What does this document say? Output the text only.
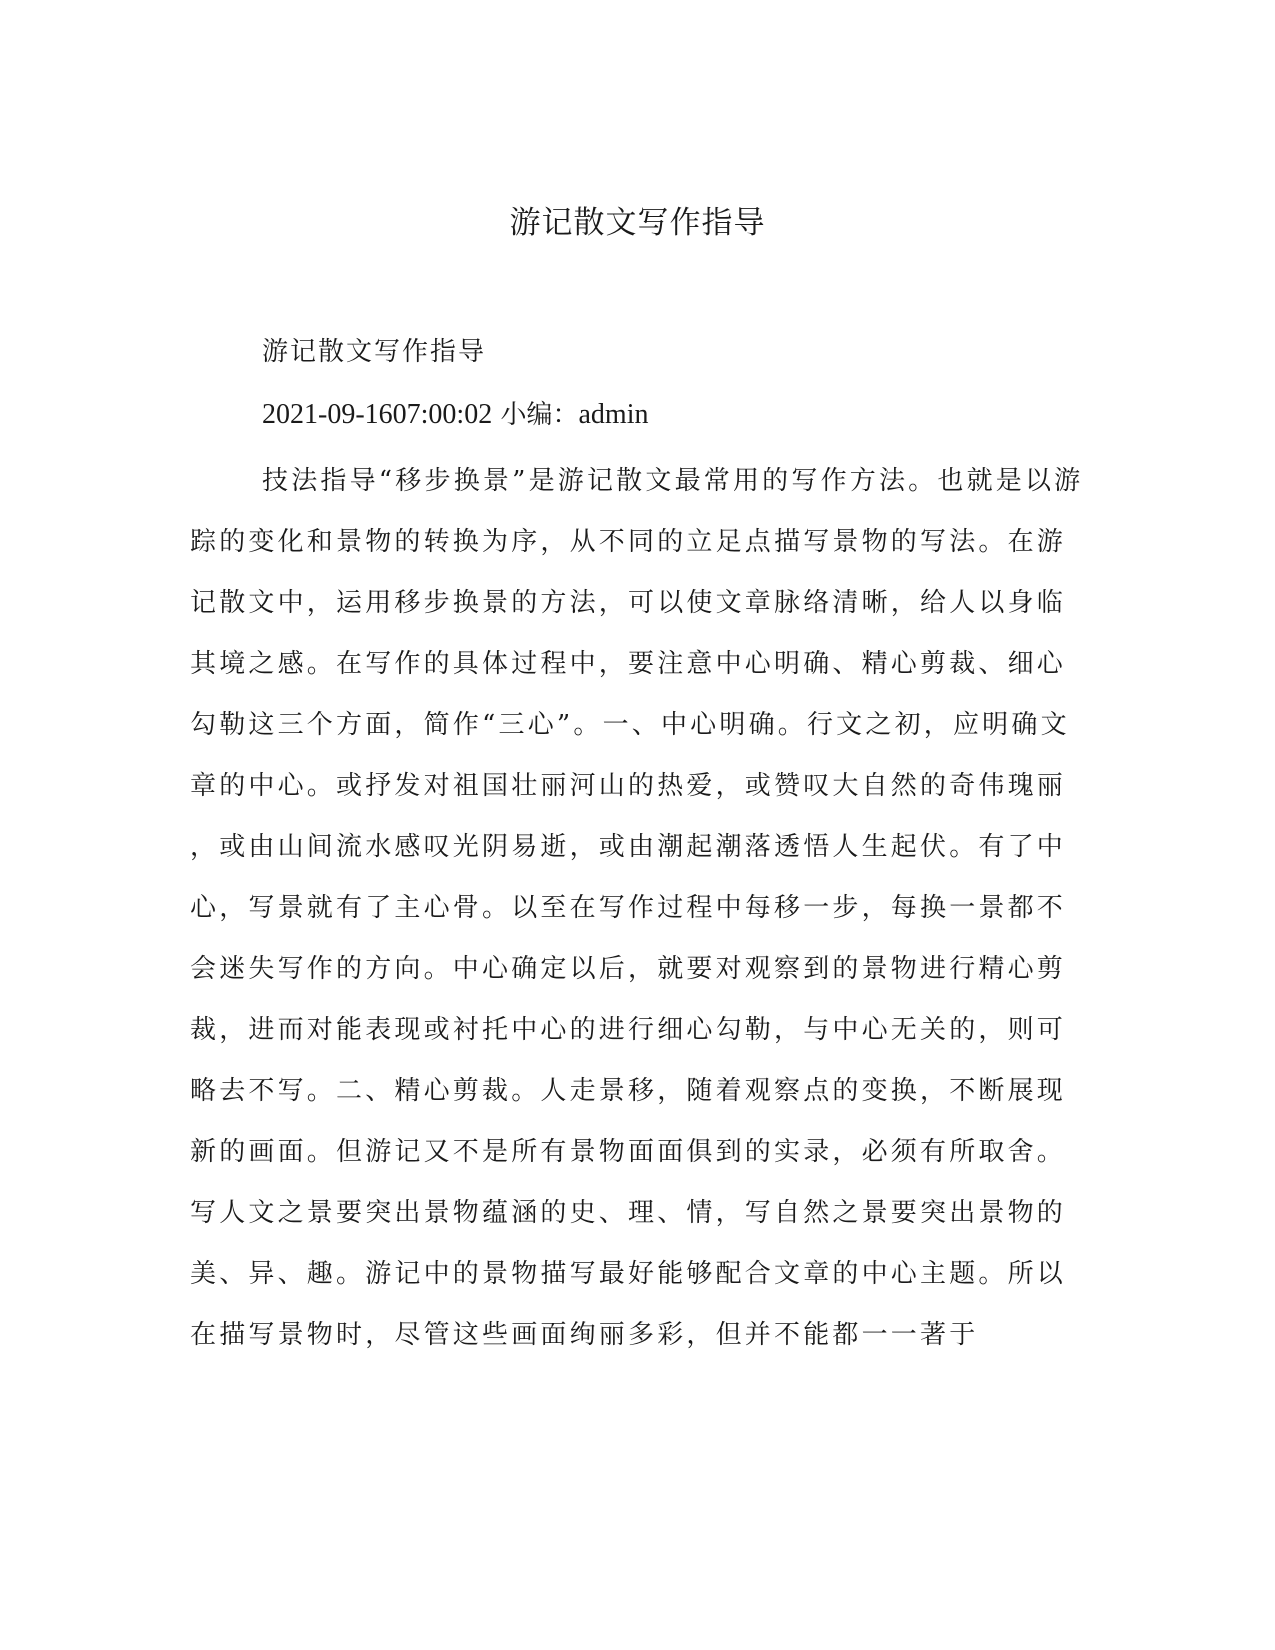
游记散文写作指导

游记散文写作指导

2021-09-1607:00:02 小编：admin

技法指导“移步换景”是游记散文最常用的写作方法。也就是以游
踪的变化和景物的转换为序，从不同的立足点描写景物的写法。在游
记散文中，运用移步换景的方法，可以使文章脉络清晰，给人以身临
其境之感。在写作的具体过程中，要注意中心明确、精心剪裁、细心
勾勒这三个方面，简作“三心”。一、中心明确。行文之初，应明确文
章的中心。或抒发对祖国壮丽河山的热爱，或赞叹大自然的奇伟瑰丽
，或由山间流水感叹光阴易逝，或由潮起潮落透悟人生起伏。有了中
心，写景就有了主心骨。以至在写作过程中每移一步，每换一景都不
会迷失写作的方向。中心确定以后，就要对观察到的景物进行精心剪
裁，进而对能表现或衬托中心的进行细心勾勒，与中心无关的，则可
略去不写。二、精心剪裁。人走景移，随着观察点的变换，不断展现
新的画面。但游记又不是所有景物面面俱到的实录，必须有所取舍。
写人文之景要突出景物蕴涵的史、理、情，写自然之景要突出景物的
美、异、趣。游记中的景物描写最好能够配合文章的中心主题。所以
在描写景物时，尽管这些画面绚丽多彩，但并不能都一一著于
